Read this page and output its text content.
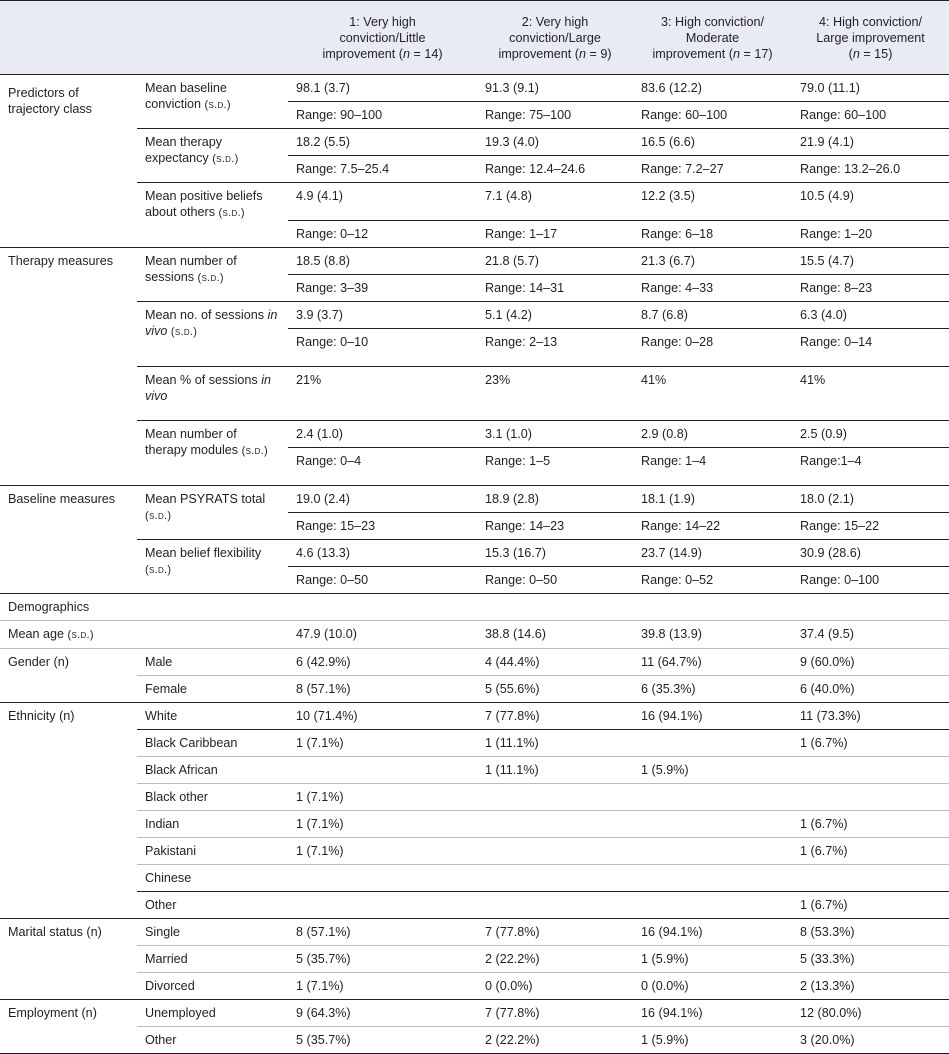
		1: Very high
conviction/Little
improvement (n = 14)	2: Very high
conviction/Large
improvement (n = 9)	3: High conviction/
Moderate
improvement (n = 17)	4: High conviction/
Large improvement
(n = 15)
Predictors of trajectory class	Mean baseline conviction (s.d.)	98.1 (3.7)	91.3 (9.1)	83.6 (12.2)	79.0 (11.1)
		Range: 90–100	Range: 75–100	Range: 60–100	Range: 60–100
	Mean therapy expectancy (s.d.)	18.2 (5.5)	19.3 (4.0)	16.5 (6.6)	21.9 (4.1)
		Range: 7.5–25.4	Range: 12.4–24.6	Range: 7.2–27	Range: 13.2–26.0
	Mean positive beliefs about others (s.d.)	4.9 (4.1)	7.1 (4.8)	12.2 (3.5)	10.5 (4.9)
		Range: 0–12	Range: 1–17	Range: 6–18	Range: 1–20
Therapy measures	Mean number of sessions (s.d.)	18.5 (8.8)	21.8 (5.7)	21.3 (6.7)	15.5 (4.7)
		Range: 3–39	Range: 14–31	Range: 4–33	Range: 8–23
	Mean no. of sessions in vivo (s.d.)	3.9 (3.7)	5.1 (4.2)	8.7 (6.8)	6.3 (4.0)
		Range: 0–10	Range: 2–13	Range: 0–28	Range: 0–14
	Mean % of sessions in vivo	21%	23%	41%	41%
	Mean number of therapy modules (s.d.)	2.4 (1.0)	3.1 (1.0)	2.9 (0.8)	2.5 (0.9)
		Range: 0–4	Range: 1–5	Range: 1–4	Range:1–4
Baseline measures	Mean PSYRATS total (s.d.)	19.0 (2.4)	18.9 (2.8)	18.1 (1.9)	18.0 (2.1)
		Range: 15–23	Range: 14–23	Range: 14–22	Range: 15–22
	Mean belief flexibility (s.d.)	4.6 (13.3)	15.3 (16.7)	23.7 (14.9)	30.9 (28.6)
		Range: 0–50	Range: 0–50	Range: 0–52	Range: 0–100
Demographics					
Mean age (s.d.)		47.9 (10.0)	38.8 (14.6)	39.8 (13.9)	37.4 (9.5)
Gender (n)	Male	6 (42.9%)	4 (44.4%)	11 (64.7%)	9 (60.0%)
	Female	8 (57.1%)	5 (55.6%)	6 (35.3%)	6 (40.0%)
Ethnicity (n)	White	10 (71.4%)	7 (77.8%)	16 (94.1%)	11 (73.3%)
	Black Caribbean	1 (7.1%)	1 (11.1%)		1 (6.7%)
	Black African		1 (11.1%)	1 (5.9%)	
	Black other	1 (7.1%)			
	Indian	1 (7.1%)			1 (6.7%)
	Pakistani	1 (7.1%)			1 (6.7%)
	Chinese				
	Other				1 (6.7%)
Marital status (n)	Single	8 (57.1%)	7 (77.8%)	16 (94.1%)	8 (53.3%)
	Married	5 (35.7%)	2 (22.2%)	1 (5.9%)	5 (33.3%)
	Divorced	1 (7.1%)	0 (0.0%)	0 (0.0%)	2 (13.3%)
Employment (n)	Unemployed	9 (64.3%)	7 (77.8%)	16 (94.1%)	12 (80.0%)
	Other	5 (35.7%)	2 (22.2%)	1 (5.9%)	3 (20.0%)
